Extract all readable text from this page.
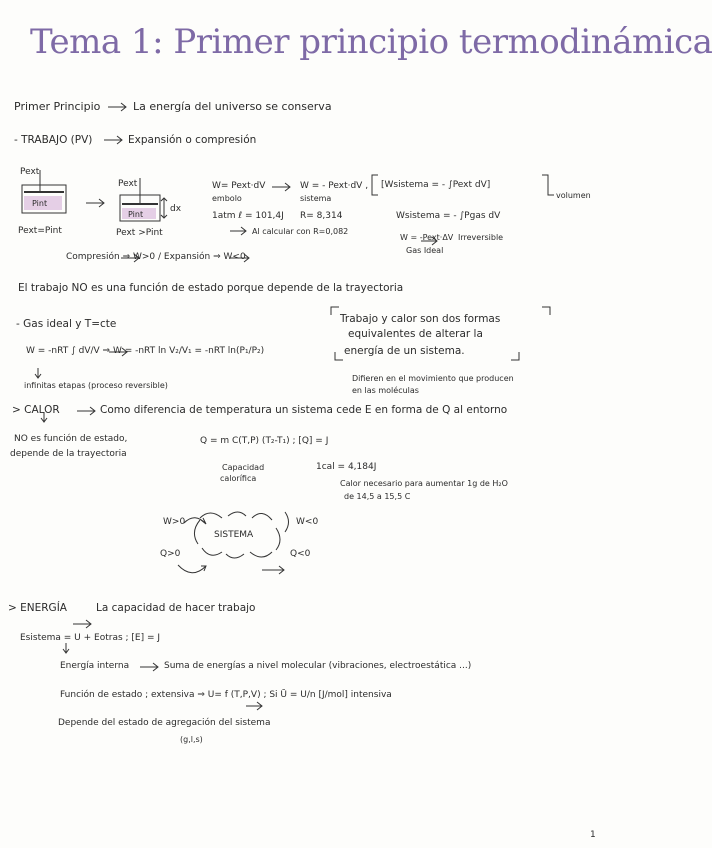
Tema 1: Primer principio termodinámica
Primer Principio	La energía del universo se conserva
- TRABAJO (PV)	Expansión o compresión
Pext
Pint
Pext
Pint
dx
Pext=Pint	Pext >Pint
W= Pext·dV
embolo
W = - Pext·dV ,
sistema
[Wsistema = - ∫Pext dV]
volumen
1atm ℓ = 101,4J R= 8,314	Wsistema = - ∫Pgas dV
Al calcular con R=0,082
W = -Pext·ΔV Irreversible
Gas Ideal
Compresión ⇒ W>0 / Expansión ⇒ W<0
El trabajo NO es una función de estado porque depende de la trayectoria
- Gas ideal y T=cte
W = -nRT ∫ dV/V ⇒ W = -nRT ln V₂/V₁ = -nRT ln(P₁/P₂)
infinitas etapas (proceso reversible)
Trabajo y calor son dos formas
equivalentes de alterar la
energía de un sistema.
Difieren en el movimiento que producen
en las moléculas
> CALOR	Como diferencia de temperatura un sistema cede E en forma de Q al entorno
NO es función de estado,
depende de la trayectoria
Q = m C(T,P) (T₂-T₁) ; [Q] = J
Capacidad
calorífica
1cal = 4,184J
Calor necesario para aumentar 1g de H₂O
de 14,5 a 15,5 C
W>0
SISTEMA
W<0
Q>0	Q<0
> ENERGÍA	La capacidad de hacer trabajo
Esistema = U + Eotras ; [E] = J
Energía interna	Suma de energías a nivel molecular (vibraciones, electroestática ...)
Función de estado ; extensiva ⇒ U= f (T,P,V) ; Si Ū = U/n [J/mol] intensiva
Depende del estado de agregación del sistema
(g,l,s)
1
